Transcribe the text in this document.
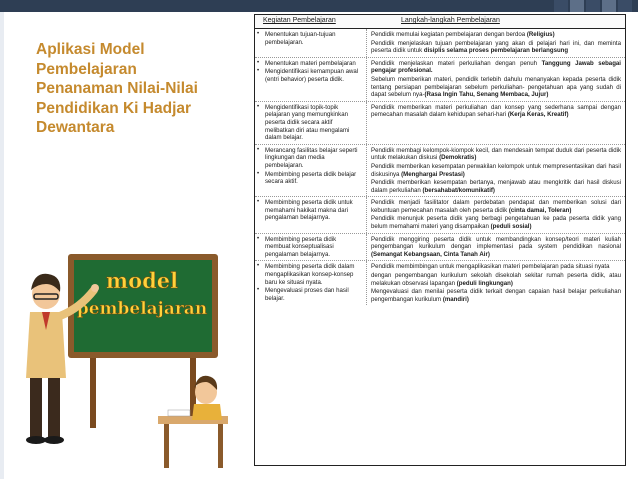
Aplikasi Model
Pembelajaran
Penanaman Nilai-Nilai
Pendidikan Ki Hadjar
Dewantara
model
pembelajaran
Kegiatan Pembelajaran	Langkah-langkah Pembelajaran
• Menentukan tujuan-tujuan pembelajaran.
Pendidik memulai kegiatan pembelajaran dengan berdoa (Religius)
Pendidik menjelaskan tujuan pembelajaran yang akan di pelajari hari ini, dan meminta peserta didik untuk disiplis selama proses pembelajaran berlangsung
• Menentukan materi pembelajaran
• Mengidentifikasi kemampuan awal (entri behavior) peserta didik.
Pendidik menjelaskan materi perkuliahan dengan penuh Tanggung Jawab sebagai pengajar profesional.
Sebelum memberikan materi, pendidik terlebih dahulu menanyakan kepada peserta didik tentang persiapan pembelajaran sebelum perkuliahan- pengetahuan apa yang sudah di dapat sebelum nya-(Rasa Ingin Tahu, Senang Membaca, Jujur)
• Mengidentifikasi topik-topik pelajaran yang memungkinkan peserta didik secara aktif melibatkan diri atau mengalami dalam belajar.
Pendidik memberikan materi perkuliahan dan konsep yang sederhana sampai dengan pemecahan masalah dalam kehidupan sehari-hari (Kerja Keras, Kreatif)
• Merancang fasilitas belajar seperti lingkungan dan media pembelajaran.
• Membimbing peserta didik belajar secara aktif.
Pendidik membagi kelompok-kiompok kecil, dan mendesain tempat duduk dari peserta didik untuk melakukan diskusi (Demokratis)
Pendidik memberikan kesempatan perwakilan kelompok untuk mempresentasikan dari hasil diskusinya (Menghargai Prestasi)
Pendidik memberikan kesempatan bertanya, menjawab atau mengkritik dari hasil diskusi dalam perkuliahan (bersahabat/komunikatif)
• Membimbing peserta didik untuk memahami hakikat makna dari pengalaman belajarnya.
Pendidik menjadi fasilitator dalam perdebatan pendapat dan memberikan solusi dari kebuntuan pemecahan masalah oleh peserta didik (cinta damai, Toleran)
Pendidik menunjuk peserta didik yang berbagi pengetahuan ke pada peserta didik yang belum memahami materi yang disampaikan (peduli sosial)
• Membimbing peserta didik membuat konseptualisasi pengalaman belajarnya.
Pendidik menggiring peserta didik untuk membandingkan konsep/teori materi kuliah pengembangan kurikulum dengan implementasi pada system pendidikan nasional (Semangat Kebangsaan, Cinta Tanah Air)
• Membimbing peserta didik dalam mengaplikasikan konsep-konsep baru ke situasi nyata.
• Mengevaluasi proses dan hasil belajar.
Pendidik membimbingan untuk mengaplikasikan materi pembelajaran pada situasi nyata
dengan pengembangan kurikulum sekolah disekolah sekitar rumah peserta didik, atau melakukan observasi lapangan (peduli lingkungan)
Mengevaluasi dan menilai peserta didik terkait dengan capaian hasil belajar perkuliahan pengembangan kurikulum (mandiri)
